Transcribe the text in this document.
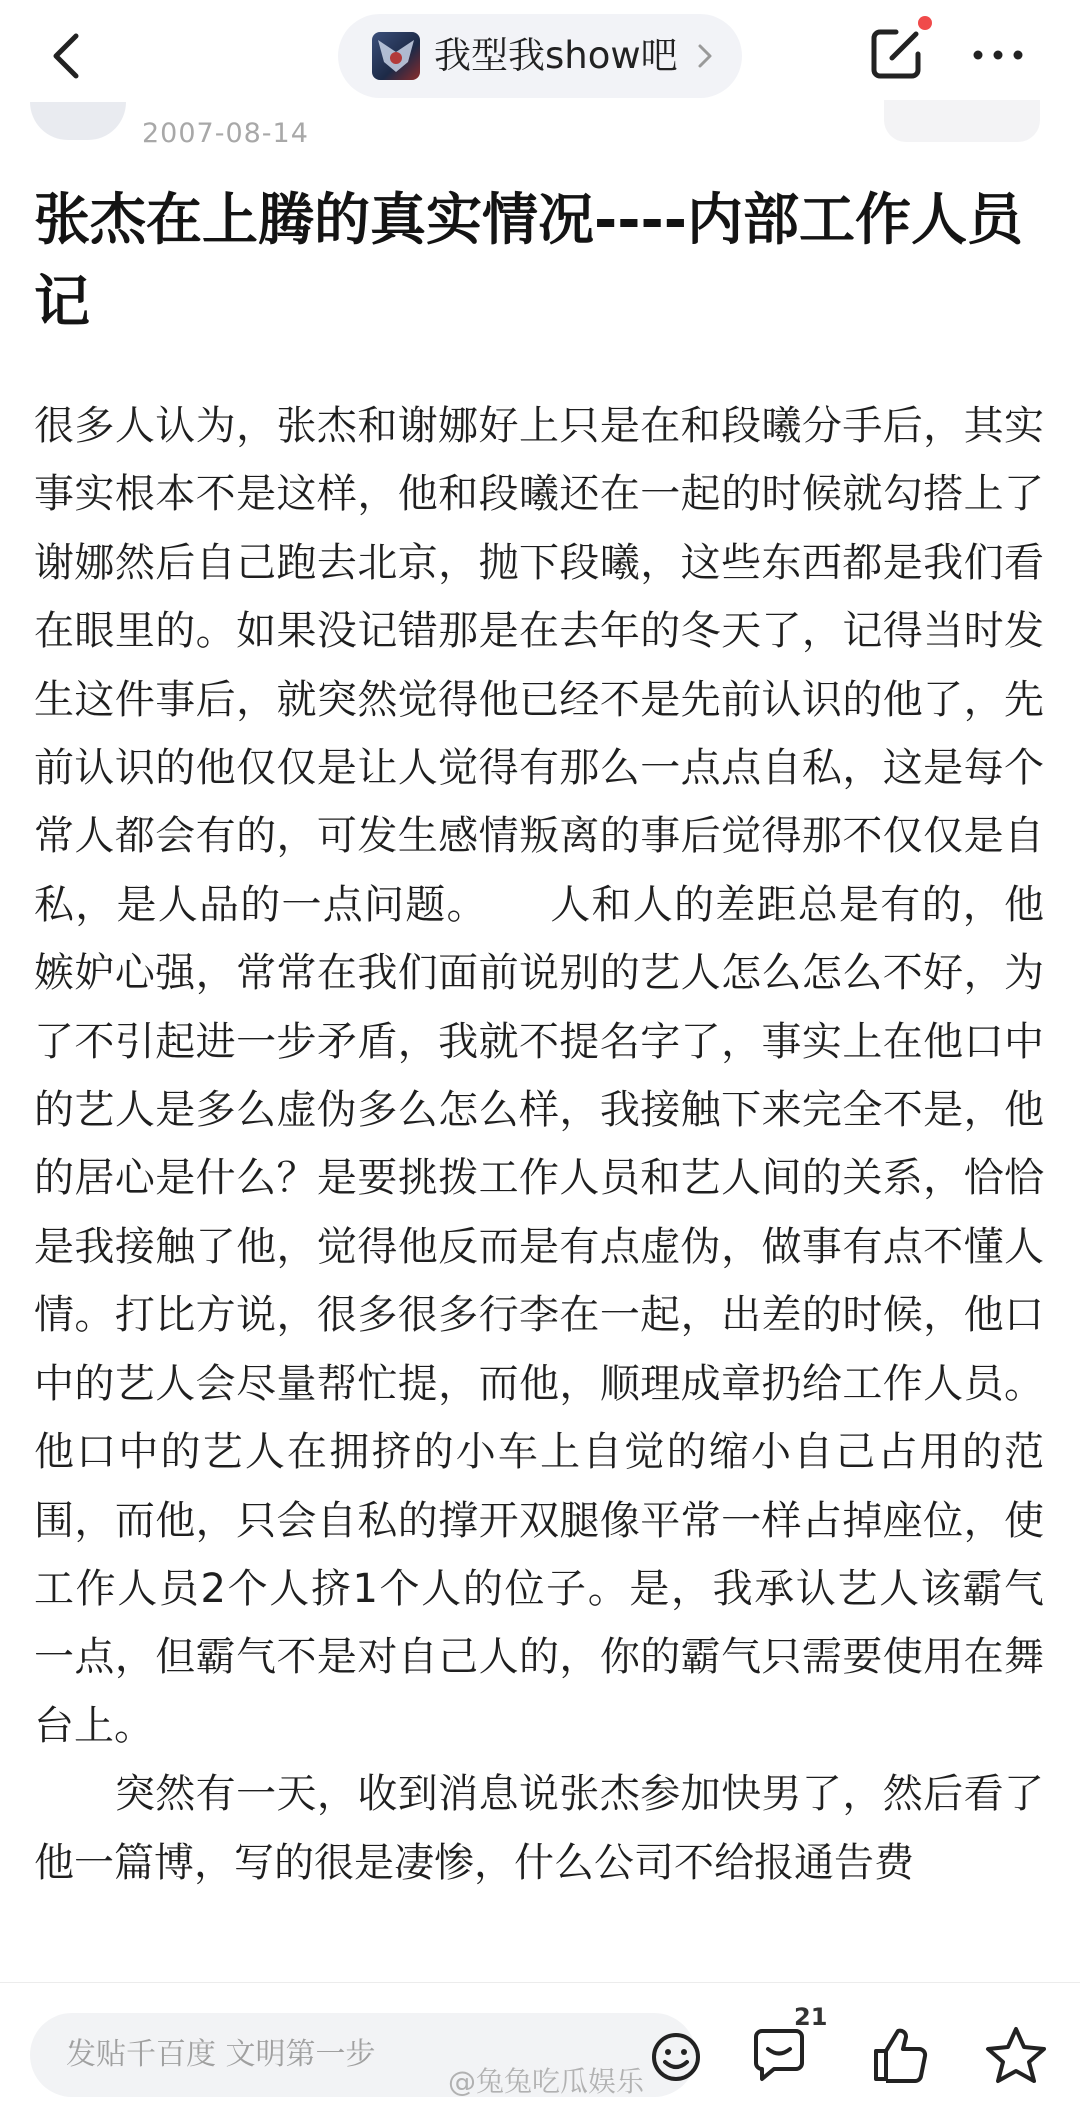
我型我show吧
2007-08-14
张杰在上腾的真实情况----内部工作人员记

很多人认为，张杰和谢娜好上只是在和段曦分手后，其实事实根本不是这样，他和段曦还在一起的时候就勾搭上了谢娜然后自己跑去北京，抛下段曦，这些东西都是我们看在眼里的。如果没记错那是在去年的冬天了，记得当时发生这件事后，就突然觉得他已经不是先前认识的他了，先前认识的他仅仅是让人觉得有那么一点点自私，这是每个常人都会有的，可发生感情叛离的事后觉得那不仅仅是自私，是人品的一点问题。　　人和人的差距总是有的，他嫉妒心强，常常在我们面前说别的艺人怎么怎么不好，为了不引起进一步矛盾，我就不提名字了，事实上在他口中的艺人是多么虚伪多么怎么样，我接触下来完全不是，他的居心是什么？是要挑拨工作人员和艺人间的关系，恰恰是我接触了他，觉得他反而是有点虚伪，做事有点不懂人情。打比方说，很多很多行李在一起，出差的时候，他口中的艺人会尽量帮忙提，而他，顺理成章扔给工作人员。他口中的艺人在拥挤的小车上自觉的缩小自己占用的范围，而他，只会自私的撑开双腿像平常一样占掉座位，使工作人员2个人挤1个人的位子。是，我承认艺人该霸气一点，但霸气不是对自己人的，你的霸气只需要使用在舞台上。

　　突然有一天，收到消息说张杰参加快男了，然后看了他一篇博，写的很是凄惨，什么公司不给报通告费

发贴千百度 文明第一步
21
@兔兔吃瓜娱乐
